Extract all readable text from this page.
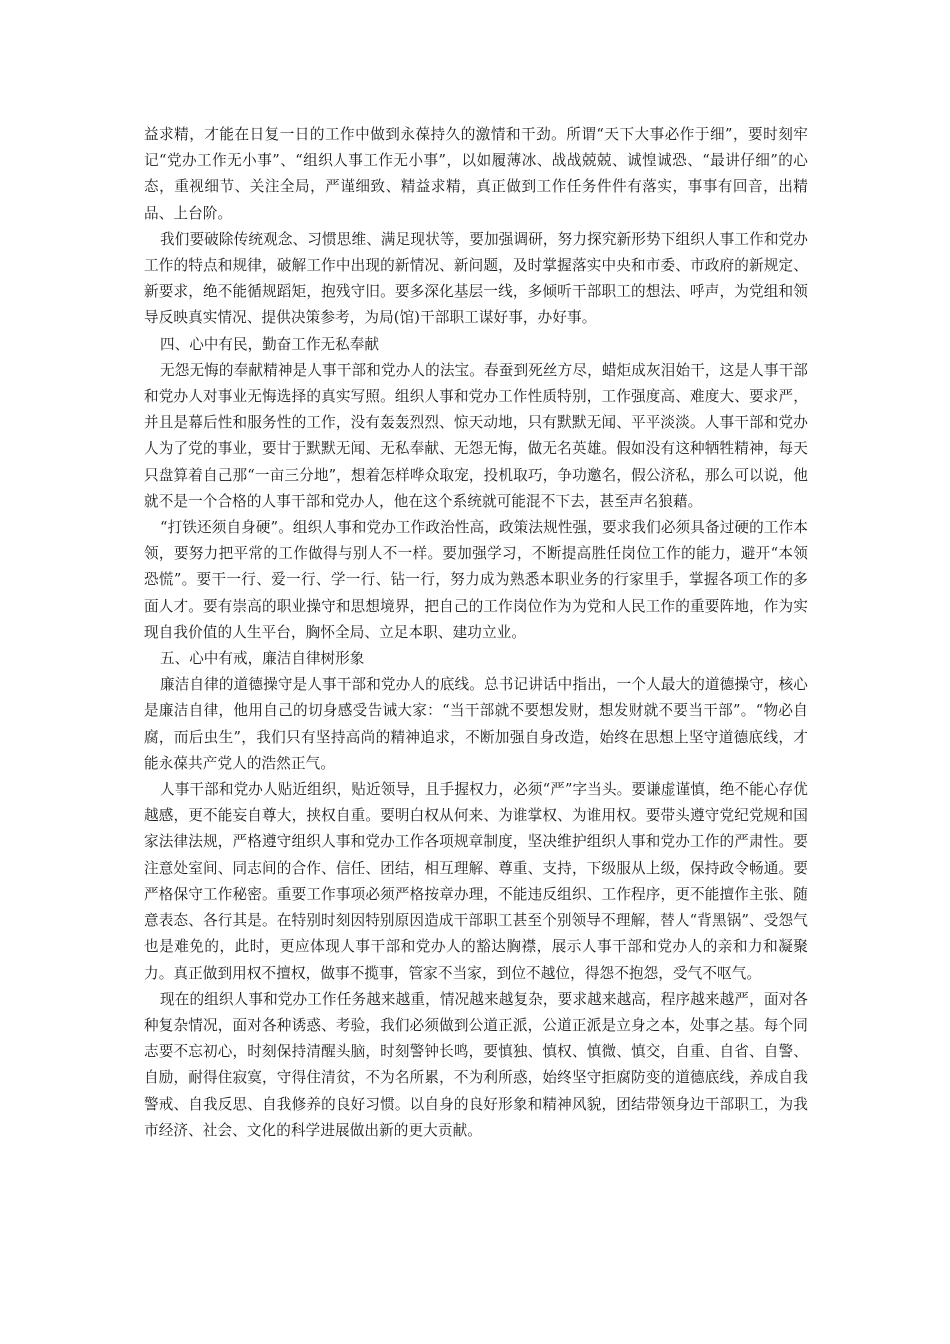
益求精，才能在日复一日的工作中做到永葆持久的激情和干劲。所谓“天下大事必作于细”，要时刻牢记“党办工作无小事”、“组织人事工作无小事”，以如履薄冰、战战兢兢、诚惶诚恐、“最讲仔细”的心态，重视细节、关注全局，严谨细致、精益求精，真正做到工作任务件件有落实，事事有回音，出精品、上台阶。

我们要破除传统观念、习惯思维、满足现状等，要加强调研，努力探究新形势下组织人事工作和党办工作的特点和规律，破解工作中出现的新情况、新问题，及时掌握落实中央和市委、市政府的新规定、新要求，绝不能循规蹈矩，抱残守旧。要多深化基层一线，多倾听干部职工的想法、呼声，为党组和领导反映真实情况、提供决策参考，为局(馆)干部职工谋好事，办好事。

四、心中有民，勤奋工作无私奉献

无怨无悔的奉献精神是人事干部和党办人的法宝。春蚕到死丝方尽，蜡炬成灰泪始干，这是人事干部和党办人对事业无悔选择的真实写照。组织人事和党办工作性质特别，工作强度高、难度大、要求严，并且是幕后性和服务性的工作，没有轰轰烈烈、惊天动地，只有默默无闻、平平淡淡。人事干部和党办人为了党的事业，要甘于默默无闻、无私奉献、无怨无悔，做无名英雄。假如没有这种牺牲精神，每天只盘算着自己那“一亩三分地”，想着怎样哗众取宠，投机取巧，争功邀名，假公济私，那么可以说，他就不是一个合格的人事干部和党办人，他在这个系统就可能混不下去，甚至声名狼藉。

“打铁还须自身硬”。组织人事和党办工作政治性高，政策法规性强，要求我们必须具备过硬的工作本领，要努力把平常的工作做得与别人不一样。要加强学习，不断提高胜任岗位工作的能力，避开“本领恐慌”。要干一行、爱一行、学一行、钻一行，努力成为熟悉本职业务的行家里手，掌握各项工作的多面人才。要有崇高的职业操守和思想境界，把自己的工作岗位作为为党和人民工作的重要阵地，作为实现自我价值的人生平台，胸怀全局、立足本职、建功立业。

五、心中有戒，廉洁自律树形象

廉洁自律的道德操守是人事干部和党办人的底线。总书记讲话中指出，一个人最大的道德操守，核心是廉洁自律，他用自己的切身感受告诫大家：“当干部就不要想发财，想发财就不要当干部”。“物必自腐，而后虫生”，我们只有坚持高尚的精神追求，不断加强自身改造，始终在思想上坚守道德底线，才能永葆共产党人的浩然正气。

人事干部和党办人贴近组织，贴近领导，且手握权力，必须“严”字当头。要谦虚谨慎，绝不能心存优越感，更不能妄自尊大，挟权自重。要明白权从何来、为谁掌权、为谁用权。要带头遵守党纪党规和国家法律法规，严格遵守组织人事和党办工作各项规章制度，坚决维护组织人事和党办工作的严肃性。要注意处室间、同志间的合作、信任、团结，相互理解、尊重、支持，下级服从上级，保持政令畅通。要严格保守工作秘密。重要工作事项必须严格按章办理，不能违反组织、工作程序，更不能擅作主张、随意表态、各行其是。在特别时刻因特别原因造成干部职工甚至个别领导不理解，替人“背黑锅”、受怨气也是难免的，此时，更应体现人事干部和党办人的豁达胸襟，展示人事干部和党办人的亲和力和凝聚力。真正做到用权不擅权，做事不揽事，管家不当家，到位不越位，得怨不抱怨，受气不呕气。

现在的组织人事和党办工作任务越来越重，情况越来越复杂，要求越来越高，程序越来越严，面对各种复杂情况，面对各种诱惑、考验，我们必须做到公道正派，公道正派是立身之本，处事之基。每个同志要不忘初心，时刻保持清醒头脑，时刻警钟长鸣，要慎独、慎权、慎微、慎交，自重、自省、自警、自励，耐得住寂寞，守得住清贫，不为名所累，不为利所惑，始终坚守拒腐防变的道德底线，养成自我警戒、自我反思、自我修养的良好习惯。以自身的良好形象和精神风貌，团结带领身边干部职工，为我市经济、社会、文化的科学进展做出新的更大贡献。
